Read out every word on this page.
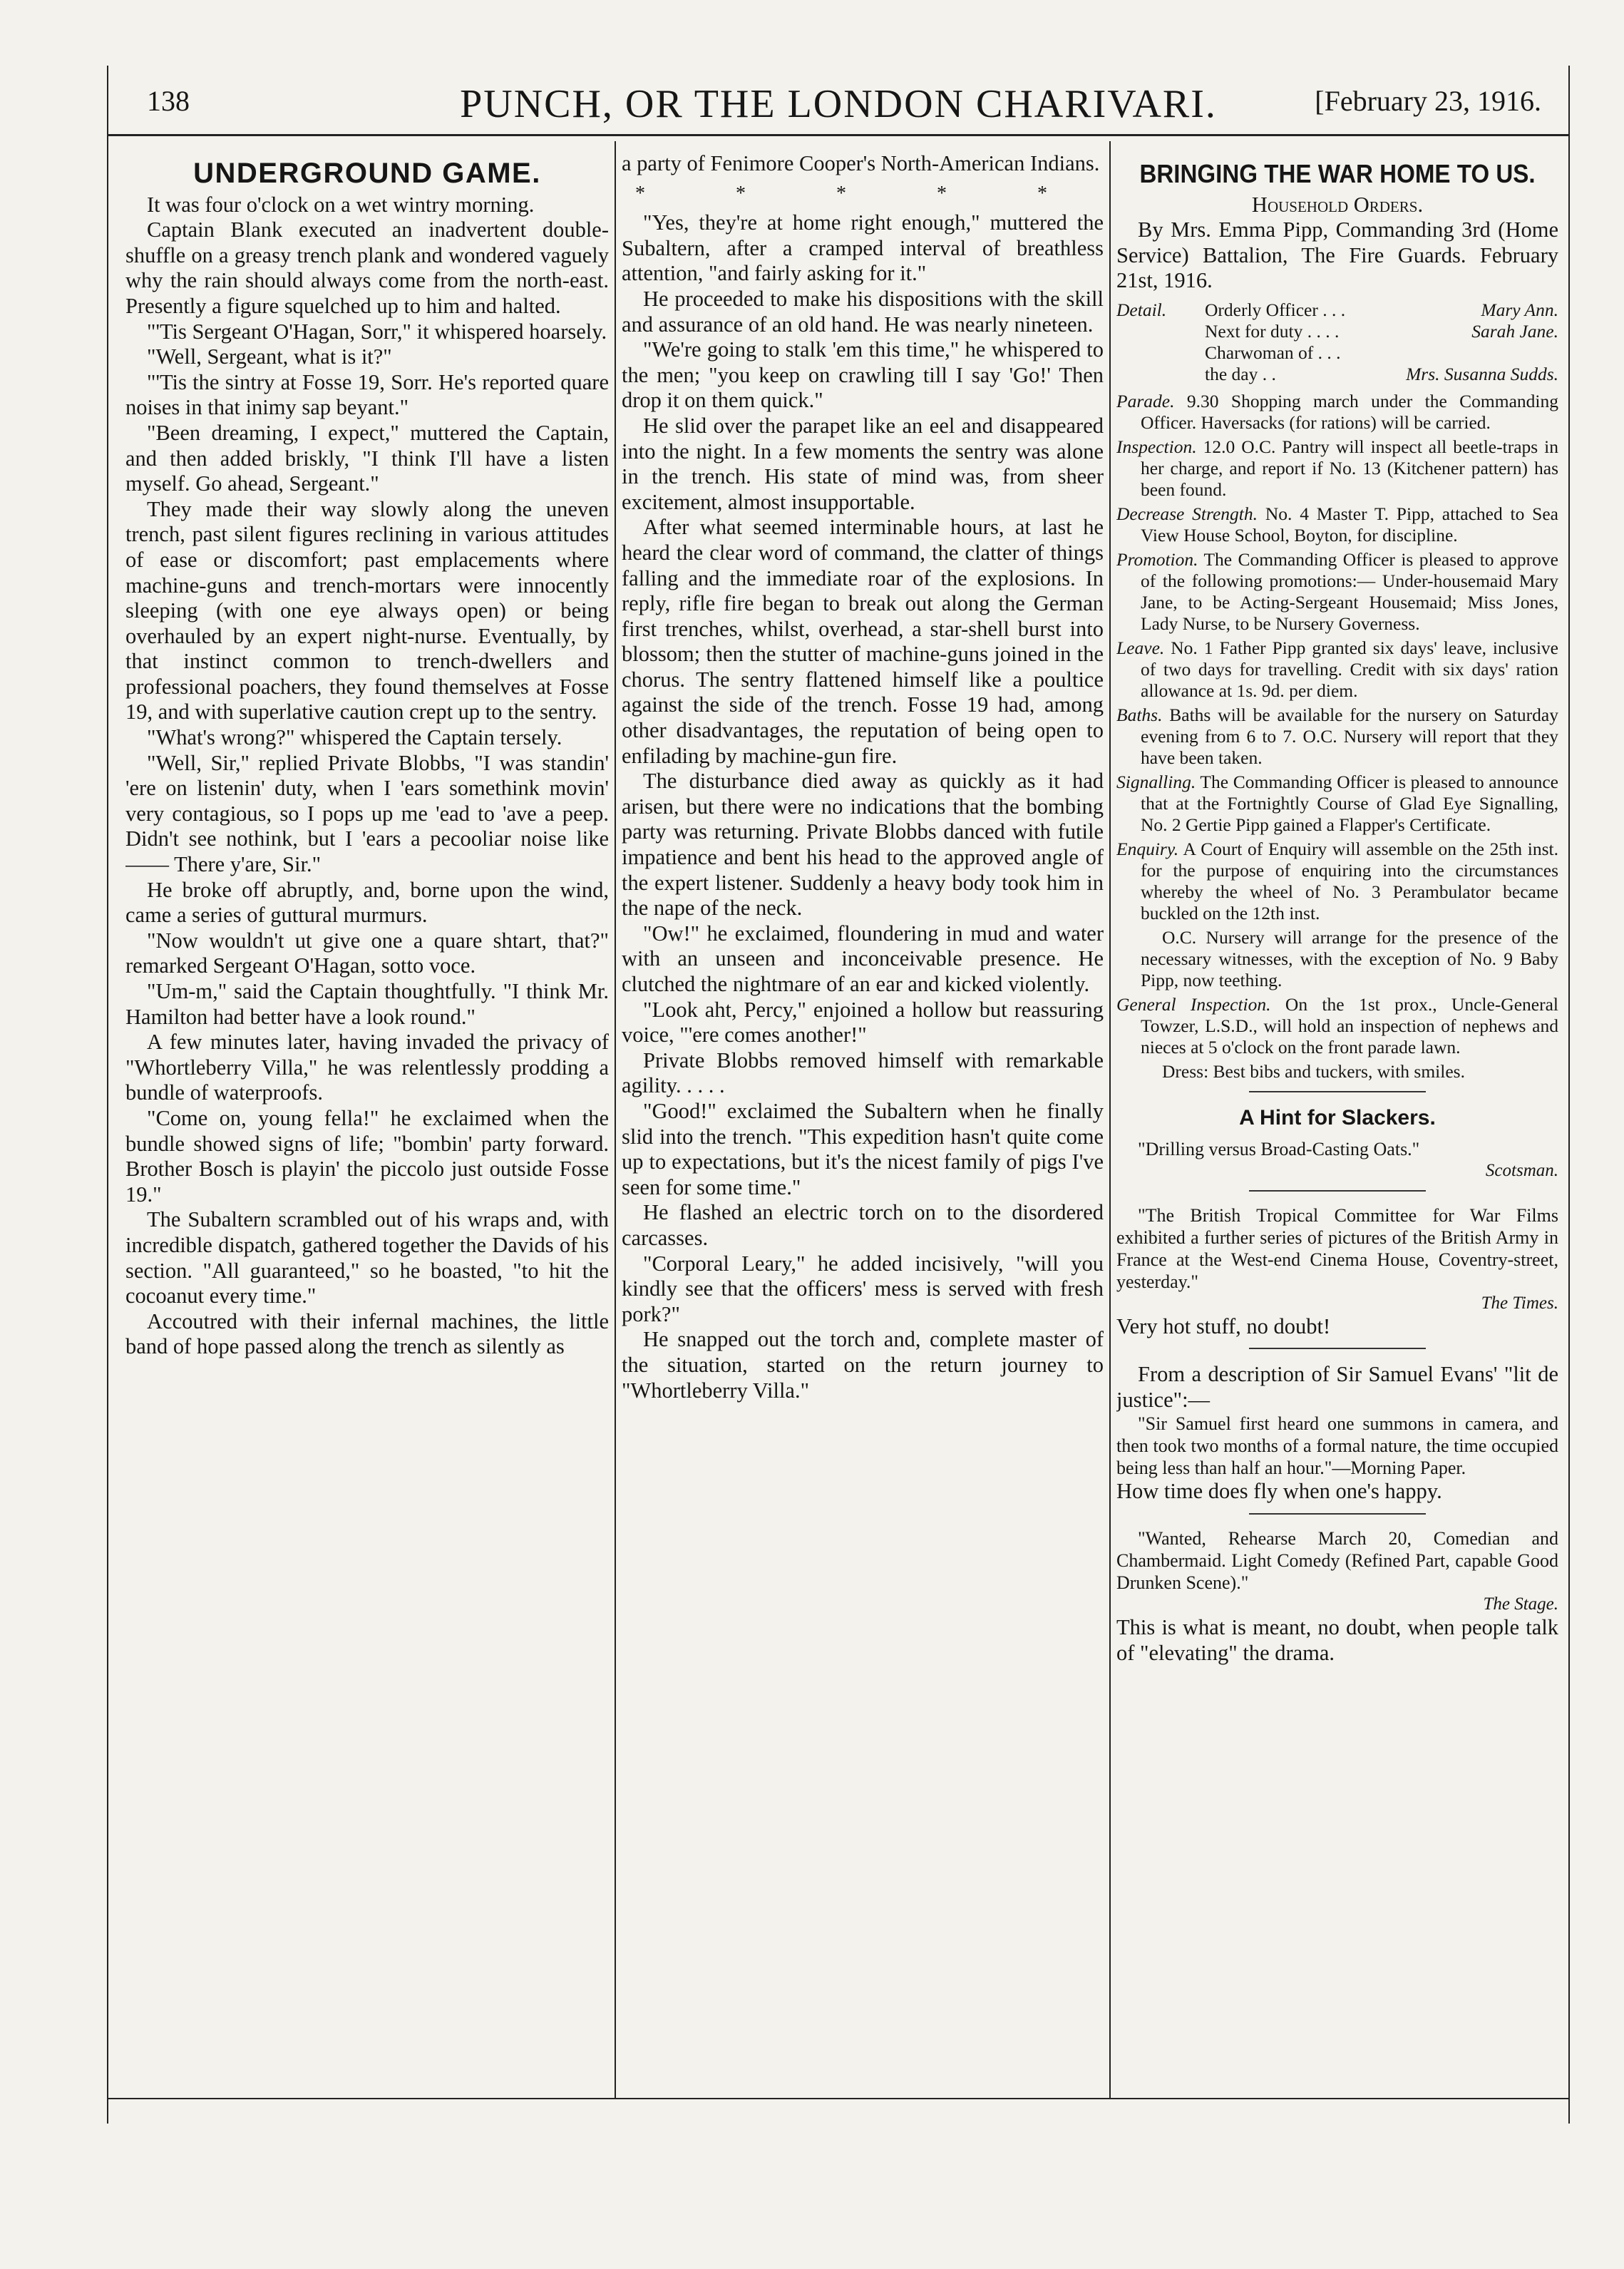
138	PUNCH, OR THE LONDON CHARIVARI.	[February 23, 1916.
UNDERGROUND GAME.

It was four o'clock on a wet wintry morning.

Captain Blank executed an inadvertent double-shuffle on a greasy trench plank and wondered vaguely why the rain should always come from the north-east. Presently a figure squelched up to him and halted.

"'Tis Sergeant O'Hagan, Sorr," it whispered hoarsely.

"Well, Sergeant, what is it?"

"'Tis the sintry at Fosse 19, Sorr. He's reported quare noises in that inimy sap beyant."

"Been dreaming, I expect," muttered the Captain, and then added briskly, "I think I'll have a listen myself. Go ahead, Sergeant."

They made their way slowly along the uneven trench, past silent figures reclining in various attitudes of ease or discomfort; past emplacements where machine-guns and trench-mortars were innocently sleeping (with one eye always open) or being overhauled by an expert night-nurse. Eventually, by that instinct common to trench-dwellers and professional poachers, they found themselves at Fosse 19, and with superlative caution crept up to the sentry.

"What's wrong?" whispered the Captain tersely.

"Well, Sir," replied Private Blobbs, "I was standin' 'ere on listenin' duty, when I 'ears somethink movin' very contagious, so I pops up me 'ead to 'ave a peep. Didn't see nothink, but I 'ears a pecooliar noise like—— There y'are, Sir."

He broke off abruptly, and, borne upon the wind, came a series of guttural murmurs.

"Now wouldn't ut give one a quare shtart, that?" remarked Sergeant O'Hagan, sotto voce.

"Um-m," said the Captain thoughtfully. "I think Mr. Hamilton had better have a look round."

A few minutes later, having invaded the privacy of "Whortleberry Villa," he was relentlessly prodding a bundle of waterproofs.

"Come on, young fella!" he exclaimed when the bundle showed signs of life; "bombin' party forward. Brother Bosch is playin' the piccolo just outside Fosse 19."

The Subaltern scrambled out of his wraps and, with incredible dispatch, gathered together the Davids of his section. "All guaranteed," so he boasted, "to hit the cocoanut every time."

Accoutred with their infernal machines, the little band of hope passed along the trench as silently as

a party of Fenimore Cooper's North-American Indians.

* * * * *

"Yes, they're at home right enough," muttered the Subaltern, after a cramped interval of breathless attention, "and fairly asking for it."

He proceeded to make his dispositions with the skill and assurance of an old hand. He was nearly nineteen.

"We're going to stalk 'em this time," he whispered to the men; "you keep on crawling till I say 'Go!' Then drop it on them quick."

He slid over the parapet like an eel and disappeared into the night. In a few moments the sentry was alone in the trench. His state of mind was, from sheer excitement, almost insupportable.

After what seemed interminable hours, at last he heard the clear word of command, the clatter of things falling and the immediate roar of the explosions. In reply, rifle fire began to break out along the German first trenches, whilst, overhead, a star-shell burst into blossom; then the stutter of machine-guns joined in the chorus. The sentry flattened himself like a poultice against the side of the trench. Fosse 19 had, among other disadvantages, the reputation of being open to enfilading by machine-gun fire.

The disturbance died away as quickly as it had arisen, but there were no indications that the bombing party was returning. Private Blobbs danced with futile impatience and bent his head to the approved angle of the expert listener. Suddenly a heavy body took him in the nape of the neck.

"Ow!" he exclaimed, floundering in mud and water with an unseen and inconceivable presence. He clutched the nightmare of an ear and kicked violently.

"Look aht, Percy," enjoined a hollow but reassuring voice, "'ere comes another!"

Private Blobbs removed himself with remarkable agility. . . . .

"Good!" exclaimed the Subaltern when he finally slid into the trench. "This expedition hasn't quite come up to expectations, but it's the nicest family of pigs I've seen for some time."

He flashed an electric torch on to the disordered carcasses.

"Corporal Leary," he added incisively, "will you kindly see that the officers' mess is served with fresh pork?"

He snapped out the torch and, complete master of the situation, started on the return journey to "Whortleberry Villa."

BRINGING THE WAR HOME TO US.
Household Orders.

By Mrs. Emma Pipp, Commanding 3rd (Home Service) Battalion, The Fire Guards. February 21st, 1916.

Detail.	Orderly Officer . . .	Mary Ann.
Next for duty . . . .	Sarah Jane.
Charwoman of . . .
the day . .	Mrs. Susanna Sudds.

Parade. 9.30 Shopping march under the Commanding Officer. Haversacks (for rations) will be carried.

Inspection. 12.0 O.C. Pantry will inspect all beetle-traps in her charge, and report if No. 13 (Kitchener pattern) has been found.

Decrease Strength. No. 4 Master T. Pipp, attached to Sea View House School, Boyton, for discipline.

Promotion. The Commanding Officer is pleased to approve of the following promotions:— Under-housemaid Mary Jane, to be Acting-Sergeant Housemaid; Miss Jones, Lady Nurse, to be Nursery Governess.

Leave. No. 1 Father Pipp granted six days' leave, inclusive of two days for travelling. Credit with six days' ration allowance at 1s. 9d. per diem.

Baths. Baths will be available for the nursery on Saturday evening from 6 to 7. O.C. Nursery will report that they have been taken.

Signalling. The Commanding Officer is pleased to announce that at the Fortnightly Course of Glad Eye Signalling, No. 2 Gertie Pipp gained a Flapper's Certificate.

Enquiry. A Court of Enquiry will assemble on the 25th inst. for the purpose of enquiring into the circumstances whereby the wheel of No. 3 Perambulator became buckled on the 12th inst.

O.C. Nursery will arrange for the presence of the necessary witnesses, with the exception of No. 9 Baby Pipp, now teething.

General Inspection. On the 1st prox., Uncle-General Towzer, L.S.D., will hold an inspection of nephews and nieces at 5 o'clock on the front parade lawn.

Dress: Best bibs and tuckers, with smiles.

A Hint for Slackers.

"Drilling versus Broad-Casting Oats."

Scotsman.

"The British Tropical Committee for War Films exhibited a further series of pictures of the British Army in France at the West-end Cinema House, Coventry-street, yesterday."

The Times.

Very hot stuff, no doubt!

From a description of Sir Samuel Evans' "lit de justice":—

"Sir Samuel first heard one summons in camera, and then took two months of a formal nature, the time occupied being less than half an hour."—Morning Paper.

How time does fly when one's happy.

"Wanted, Rehearse March 20, Comedian and Chambermaid. Light Comedy (Refined Part, capable Good Drunken Scene)."

The Stage.

This is what is meant, no doubt, when people talk of "elevating" the drama.
